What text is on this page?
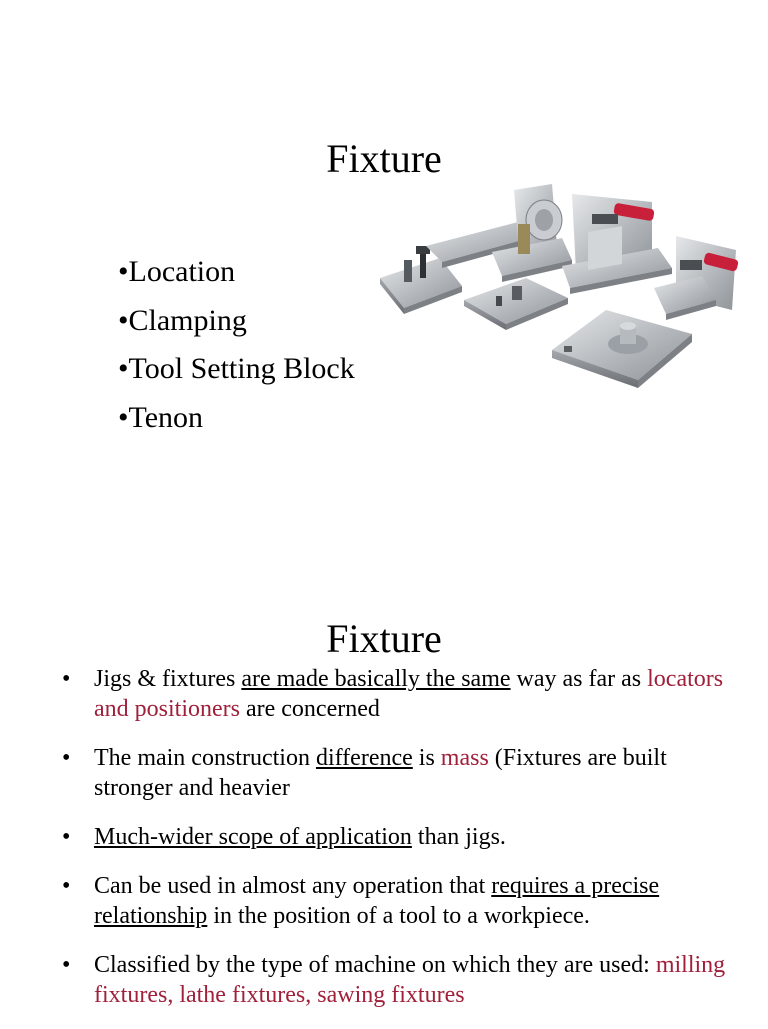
Fixture
•Location
•Clamping
•Tool Setting Block
•Tenon
Fixture
• Jigs & fixtures are made basically the same way as far as locators and positioners are concerned
• The main construction difference is mass (Fixtures are built stronger and heavier
• Much-wider scope of application than jigs.
• Can be used in almost any operation that requires a precise relationship in the position of a tool to a workpiece.
• Classified by the type of machine on which they are used: milling fixtures, lathe fixtures, sawing fixtures
